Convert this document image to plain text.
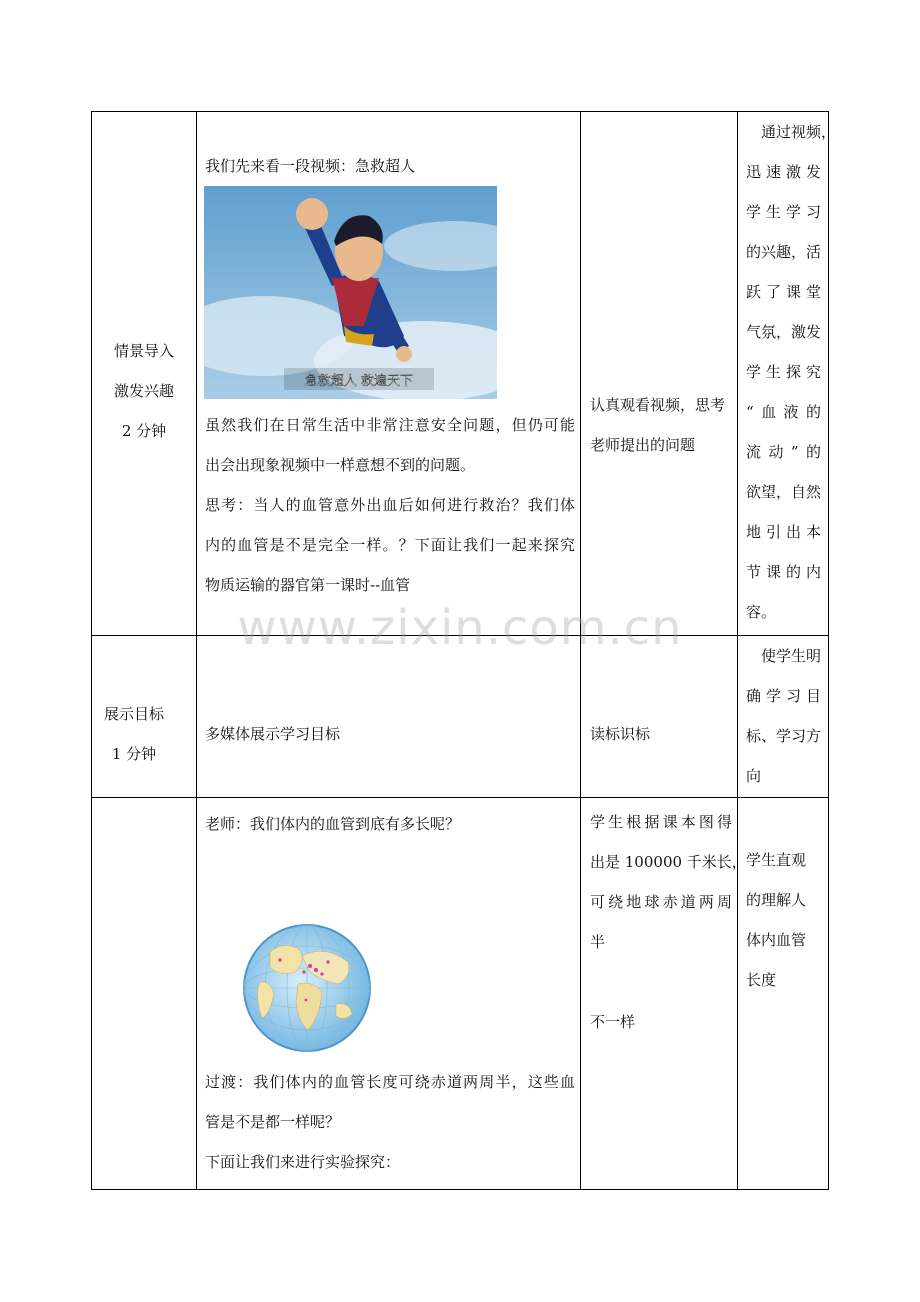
情景导入

激发兴趣

2 分钟

我们先来看一段视频：急救超人

急救超人 救遍天下

虽然我们在日常生活中非常注意安全问题，但仍可能

出会出现象视频中一样意想不到的问题。

思考：当人的血管意外出血后如何进行救治？我们体

内的血管是不是完全一样。？下面让我们一起来探究

物质运输的器官第一课时--血管

认真观看视频，思考

老师提出的问题

　通过视频，

迅速激发

学生学习

的兴趣，活

跃了课堂

气氛，激发

学生探究

“血液的

流动”的

欲望，自然

地引出本

节课的内

容。

展示目标

1 分钟

多媒体展示学习目标	读标识标

　使学生明

确学习目

标、学习方

向

老师：我们体内的血管到底有多长呢？

过渡：我们体内的血管长度可绕赤道两周半，这些血

管是不是都一样呢？

下面让我们来进行实验探究：

学生根据课本图得

出是 100000 千米长，

可绕地球赤道两周

半

不一样

学生直观

的理解人

体内血管

长度

www.zixin.com.cn
